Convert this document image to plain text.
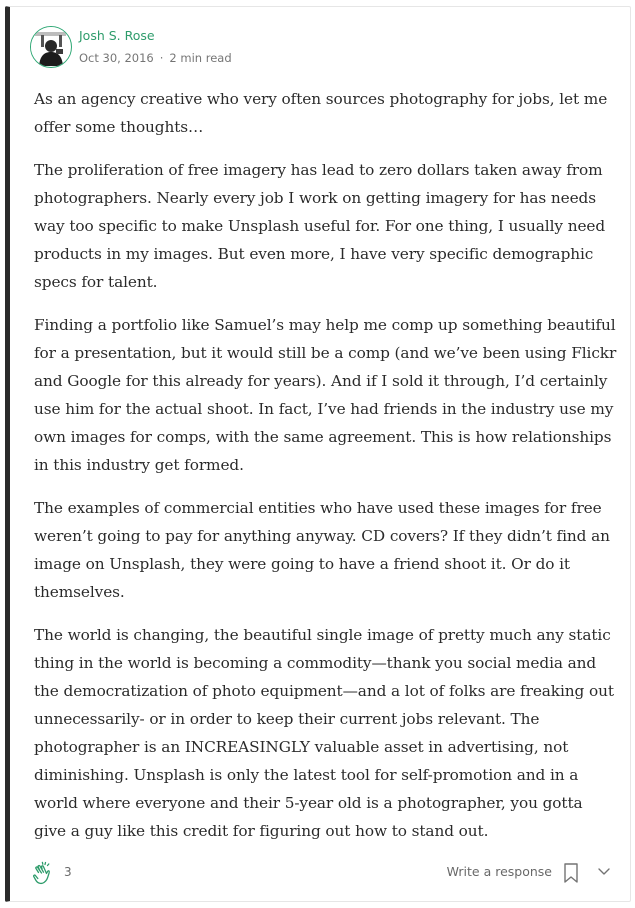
Josh S. Rose
Oct 30, 2016 · 2 min read

As an agency creative who very often sources photography for jobs, let me offer some thoughts…

The proliferation of free imagery has lead to zero dollars taken away from photographers. Nearly every job I work on getting imagery for has needs way too specific to make Unsplash useful for. For one thing, I usually need products in my images. But even more, I have very specific demographic specs for talent.

Finding a portfolio like Samuel’s may help me comp up something beautiful for a presentation, but it would still be a comp (and we’ve been using Flickr and Google for this already for years). And if I sold it through, I’d certainly use him for the actual shoot. In fact, I’ve had friends in the industry use my own images for comps, with the same agreement. This is how relationships in this industry get formed.

The examples of commercial entities who have used these images for free weren’t going to pay for anything anyway. CD covers? If they didn’t find an image on Unsplash, they were going to have a friend shoot it. Or do it themselves.

The world is changing, the beautiful single image of pretty much any static thing in the world is becoming a commodity—thank you social media and the democratization of photo equipment—and a lot of folks are freaking out unnecessarily- or in order to keep their current jobs relevant. The photographer is an INCREASINGLY valuable asset in advertising, not diminishing. Unsplash is only the latest tool for self-promotion and in a world where everyone and their 5-year old is a photographer, you gotta give a guy like this credit for figuring out how to stand out.

3	Write a response
